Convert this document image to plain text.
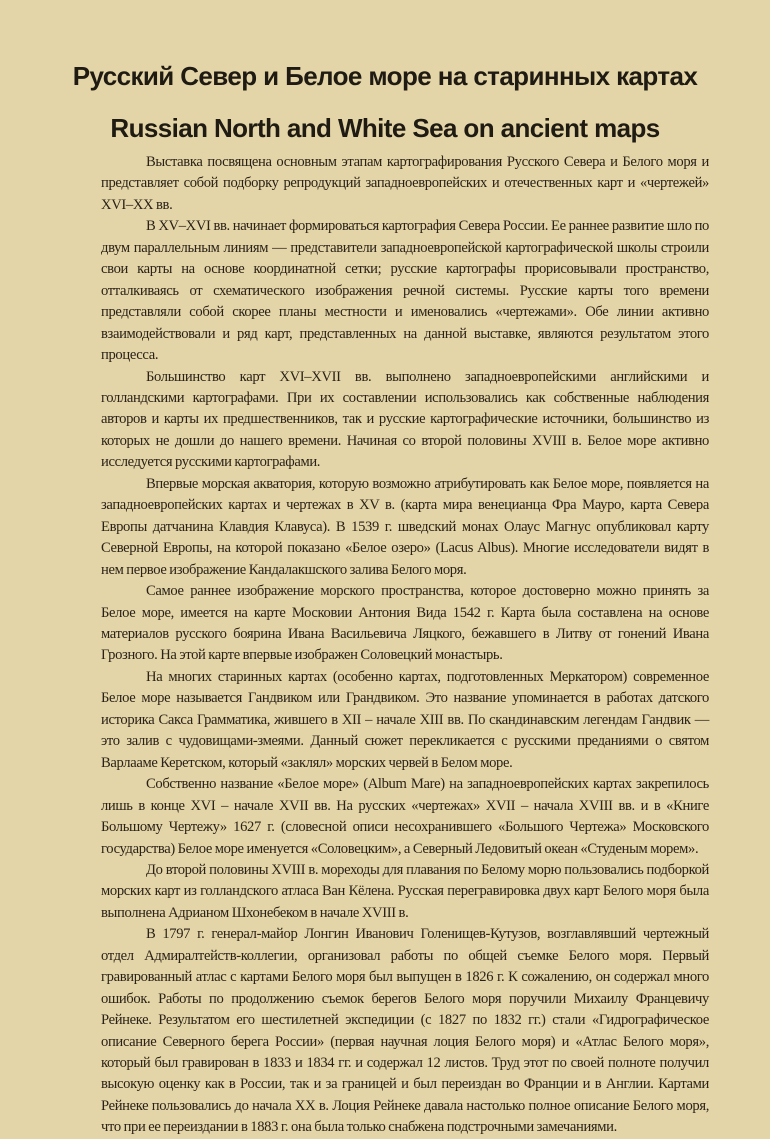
Русский Север и Белое море на старинных картах
Russian North and White Sea on ancient maps

Выставка посвящена основным этапам картографирования Русского Севера и Белого моря и представляет собой подборку репродукций западноевропейских и отечественных карт и «чертежей» XVI–XX вв.

В XV–XVI вв. начинает формироваться картография Севера России. Ее раннее развитие шло по двум параллельным линиям — представители западноевропейской картографической школы строили свои карты на основе координатной сетки; русские картографы прорисовывали пространство, отталкиваясь от схематического изображения речной системы. Русские карты того времени представляли собой скорее планы местности и именовались «чертежами». Обе линии активно взаимодействовали и ряд карт, представленных на данной выставке, являются результатом этого процесса.

Большинство карт XVI–XVII вв. выполнено западноевропейскими английскими и голландскими картографами. При их составлении использовались как собственные наблюдения авторов и карты их предшественников, так и русские картографические источники, большинство из которых не дошли до нашего времени. Начиная со второй половины XVIII в. Белое море активно исследуется русскими картографами.

Впервые морская акватория, которую возможно атрибутировать как Белое море, появляется на западноевропейских картах и чертежах в XV в. (карта мира венецианца Фра Мауро, карта Севера Европы датчанина Клавдия Клавуса). В 1539 г. шведский монах Олаус Магнус опубликовал карту Северной Европы, на которой показано «Белое озеро» (Lacus Albus). Многие исследователи видят в нем первое изображение Кандалакшского залива Белого моря.

Самое раннее изображение морского пространства, которое достоверно можно принять за Белое море, имеется на карте Московии Антония Вида 1542 г. Карта была составлена на основе материалов русского боярина Ивана Васильевича Ляцкого, бежавшего в Литву от гонений Ивана Грозного. На этой карте впервые изображен Соловецкий монастырь.

На многих старинных картах (особенно картах, подготовленных Меркатором) современное Белое море называется Гандвиком или Грандвиком. Это название упоминается в работах датского историка Сакса Грамматика, жившего в XII – начале XIII вв. По скандинавским легендам Гандвик — это залив с чудовищами-змеями. Данный сюжет перекликается с русскими преданиями о святом Варлааме Керетском, который «заклял» морских червей в Белом море.

Собственно название «Белое море» (Album Mare) на западноевропейских картах закрепилось лишь в конце XVI – начале XVII вв. На русских «чертежах» XVII – начала XVIII вв. и в «Книге Большому Чертежу» 1627 г. (словесной описи несохранившего «Большого Чертежа» Московского государства) Белое море именуется «Соловецким», а Северный Ледовитый океан «Студеным морем».

До второй половины XVIII в. мореходы для плавания по Белому морю пользовались подборкой морских карт из голландского атласа Ван Кёлена. Русская перегравировка двух карт Белого моря была выполнена Адрианом Шхонебеком в начале XVIII в.

В 1797 г. генерал-майор Лонгин Иванович Голенищев-Кутузов, возглавлявший чертежный отдел Адмиралтейств-коллегии, организовал работы по общей съемке Белого моря. Первый гравированный атлас с картами Белого моря был выпущен в 1826 г. К сожалению, он содержал много ошибок. Работы по продолжению съемок берегов Белого моря поручили Михаилу Францевичу Рейнеке. Результатом его шестилетней экспедиции (с 1827 по 1832 гг.) стали «Гидрографическое описание Северного берега России» (первая научная лоция Белого моря) и «Атлас Белого моря», который был гравирован в 1833 и 1834 гг. и содержал 12 листов. Труд этот по своей полноте получил высокую оценку как в России, так и за границей и был переиздан во Франции и в Англии. Картами Рейнеке пользовались до начала XX в. Лоция Рейнеке давала настолько полное описание Белого моря, что при ее переиздании в 1883 г. она была только снабжена подстрочными замечаниями.
